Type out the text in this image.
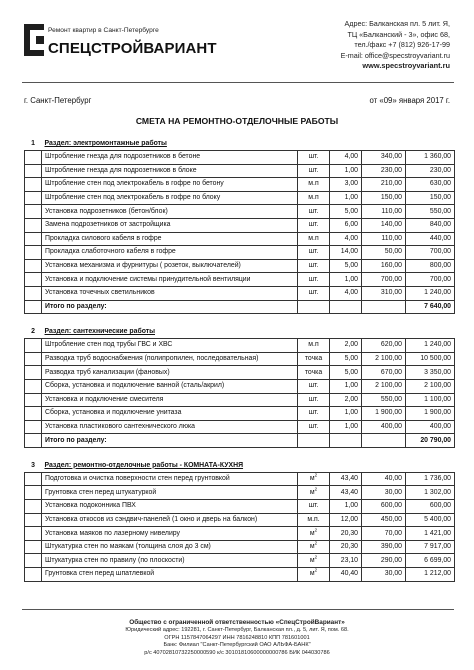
Ремонт квартир в Санкт-Петербурге
СПЕЦСТРОЙВАРИАНТ
Адрес: Балканская пл. 5 лит. Я,
ТЦ «Балканский - 3», офис 68,
тел./факс +7 (812) 926-17-99
E-mail: office@specstroyvariant.ru
www.specstroyvariant.ru
г. Санкт-Петербург	от «09» января 2017 г.
СМЕТА НА РЕМОНТНО-ОТДЕЛОЧНЫЕ РАБОТЫ
1	Раздел: электромонтажные работы				
	Штробление гнезда для подрозетников в бетоне	шт.	4,00	340,00	1 360,00
	Штробление гнезда для подрозетников в блоке	шт.	1,00	230,00	230,00
	Штробление стен под электрокабель в гофре по бетону	м.п	3,00	210,00	630,00
	Штробление стен под электрокабель в гофре по блоку	м.п	1,00	150,00	150,00
	Установка подрозетников (бетон/блок)	шт.	5,00	110,00	550,00
	Замена подрозетников от застройщика	шт.	6,00	140,00	840,00
	Прокладка силового кабеля в гофре	м.п	4,00	110,00	440,00
	Прокладка слаботочного кабеля в гофре	шт.	14,00	50,00	700,00
	Установка механизма и фурнитуры ( розеток, выключателей)	шт.	5,00	160,00	800,00
	Установка и подключение системы принудительной вентиляции	шт.	1,00	700,00	700,00
	Установка точечных светильников	шт.	4,00	310,00	1 240,00
	Итого по разделу:				7 640,00

2	Раздел: сантехнические работы				
	Штробление стен под трубы ГВС и ХВС	м.п	2,00	620,00	1 240,00
	Разводка труб водоснабжения (полипропилен, последовательная)	точка	5,00	2 100,00	10 500,00
	Разводка труб канализации (фановых)	точка	5,00	670,00	3 350,00
	Сборка, установка и подключение ванной (сталь/акрил)	шт.	1,00	2 100,00	2 100,00
	Установка и подключение смесителя	шт.	2,00	550,00	1 100,00
	Сборка, установка и подключение унитаза	шт.	1,00	1 900,00	1 900,00
	Установка пластикового сантехнического люка	шт.	1,00	400,00	400,00
	Итого по разделу:				20 790,00

3	Раздел: ремонтно-отделочные работы - КОМНАТА-КУХНЯ				
	Подготовка и очистка поверхности стен перед грунтовкой	$м^2$	43,40	40,00	1 736,00
	Грунтовка стен перед штукатуркой	$м^2$	43,40	30,00	1 302,00
	Установка подоконника ПВХ	шт.	1,00	600,00	600,00
	Установка откосов из сэндвич-панелей (1 окно и дверь на балкон)	м.п.	12,00	450,00	5 400,00
	Установка маяков по лазерному нивелиру	$м^2$	20,30	70,00	1 421,00
	Штукатурка стен по маякам (толщина слоя до 3 см)	$м^2$	20,30	390,00	7 917,00
	Штукатурка стен по правилу (по плоскости)	$м^2$	23,10	290,00	6 699,00
	Грунтовка стен перед шпатлевкой	$м^2$	40,40	30,00	1 212,00
Общество с ограниченной ответственностью «СпецСтройВариант»
Юридический адрес: 192281, г. Санкт-Петербург, Балканская пл., д. 5, лит. Я, пом. 68.
ОГРН 1157847064297 ИНН 7816248810 КПП 781601001
Банк: Филиал "Санкт-Петербургский ОАО АЛЬФА-БАНК"
р/с 40702810732250000590 к/с 30101810600000000786 БИК 044030786
